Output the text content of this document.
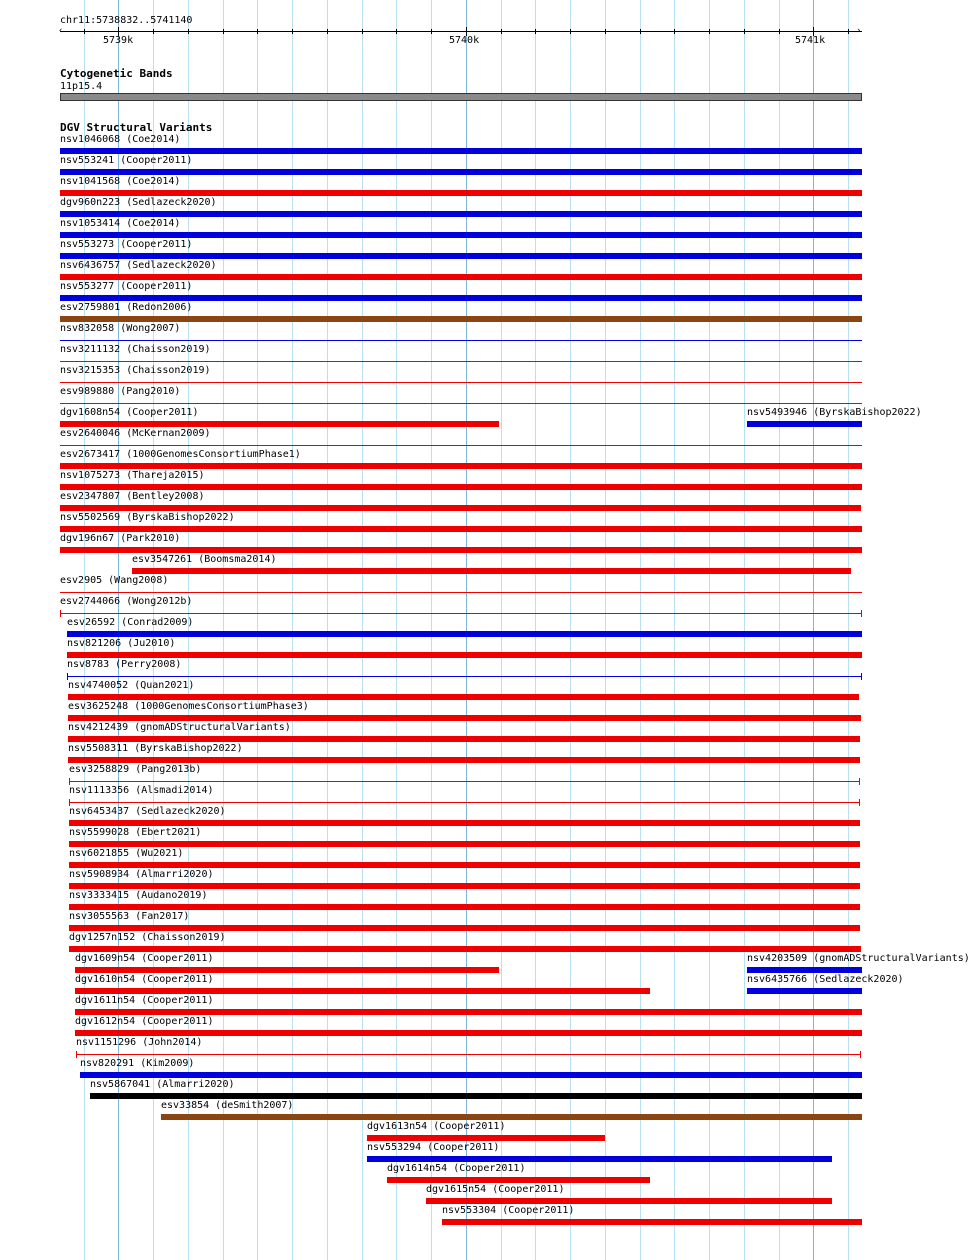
chr11:5738832..5741140
‹	›
5739k	5740k	5741k
Cytogenetic Bands
11p15.4
DGV Structural Variants
nsv1046068 (Coe2014)
nsv553241 (Cooper2011)
nsv1041568 (Coe2014)
dgv960n223 (Sedlazeck2020)
nsv1053414 (Coe2014)
nsv553273 (Cooper2011)
nsv6436757 (Sedlazeck2020)
nsv553277 (Cooper2011)
esv2759801 (Redon2006)
nsv832058 (Wong2007)
nsv3211132 (Chaisson2019)
nsv3215353 (Chaisson2019)
esv989880 (Pang2010)
dgv1608n54 (Cooper2011)
esv2640046 (McKernan2009)
esv2673417 (1000GenomesConsortiumPhase1)
nsv1075273 (Thareja2015)
esv2347807 (Bentley2008)
nsv5502569 (ByrskaBishop2022)
dgv196n67 (Park2010)
esv3547261 (Boomsma2014)
esv2905 (Wang2008)
esv2744066 (Wong2012b)
esv26592 (Conrad2009)
nsv821206 (Ju2010)
nsv8783 (Perry2008)
nsv4740052 (Quan2021)
esv3625248 (1000GenomesConsortiumPhase3)
nsv4212439 (gnomADStructuralVariants)
nsv5508311 (ByrskaBishop2022)
esv3258829 (Pang2013b)
nsv1113356 (Alsmadi2014)
nsv6453437 (Sedlazeck2020)
nsv5599028 (Ebert2021)
nsv6021855 (Wu2021)
nsv5908934 (Almarri2020)
nsv3333415 (Audano2019)
nsv3055563 (Fan2017)
dgv1257n152 (Chaisson2019)
dgv1609n54 (Cooper2011)
dgv1610n54 (Cooper2011)
dgv1611n54 (Cooper2011)
dgv1612n54 (Cooper2011)
nsv1151296 (John2014)
nsv820291 (Kim2009)
nsv5867041 (Almarri2020)
esv33854 (deSmith2007)
dgv1613n54 (Cooper2011)
nsv553294 (Cooper2011)
dgv1614n54 (Cooper2011)
dgv1615n54 (Cooper2011)
nsv553304 (Cooper2011)
nsv5493946 (ByrskaBishop2022)
nsv4203509 (gnomADStructuralVariants)
nsv6435766 (Sedlazeck2020)
